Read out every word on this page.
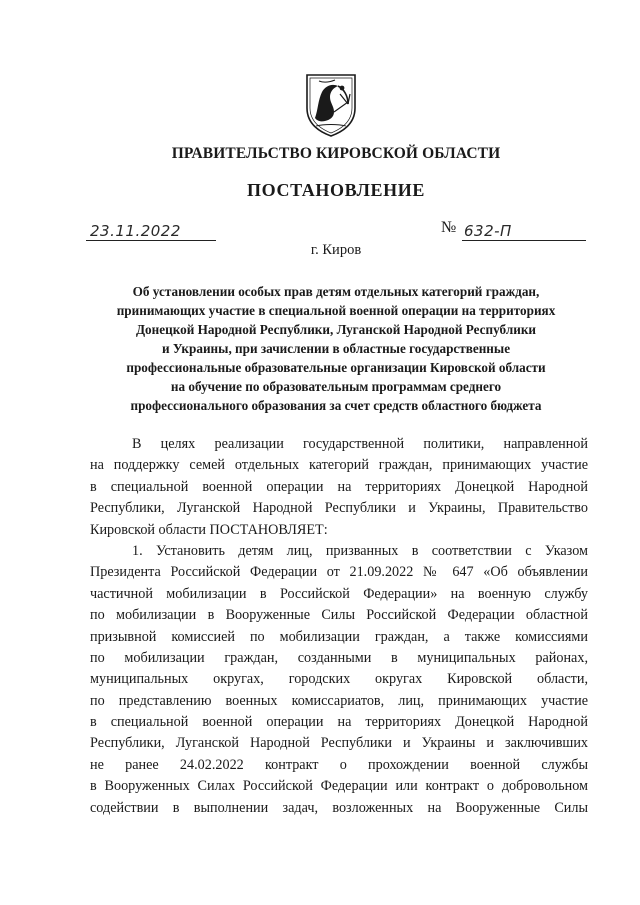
ПРАВИТЕЛЬСТВО КИРОВСКОЙ ОБЛАСТИ
ПОСТАНОВЛЕНИЕ
23.11.2022	№ 632-П
г. Киров
Об установлении особых прав детям отдельных категорий граждан,
принимающих участие в специальной военной операции на территориях
Донецкой Народной Республики, Луганской Народной Республики
и Украины, при зачислении в областные государственные
профессиональные образовательные организации Кировской области
на обучение по образовательным программам среднего
профессионального образования за счет средств областного бюджета
В целях реализации государственной политики, направленной
на поддержку семей отдельных категорий граждан, принимающих участие
в специальной военной операции на территориях Донецкой Народной
Республики, Луганской Народной Республики и Украины, Правительство
Кировской области ПОСТАНОВЛЯЕТ:
1. Установить детям лиц, призванных в соответствии с Указом
Президента Российской Федерации от 21.09.2022 № 647 «Об объявлении
частичной мобилизации в Российской Федерации» на военную службу
по мобилизации в Вооруженные Силы Российской Федерации областной
призывной комиссией по мобилизации граждан, а также комиссиями
по мобилизации граждан, созданными в муниципальных районах,
муниципальных округах, городских округах Кировской области,
по представлению военных комиссариатов, лиц, принимающих участие
в специальной военной операции на территориях Донецкой Народной
Республики, Луганской Народной Республики и Украины и заключивших
не ранее 24.02.2022 контракт о прохождении военной службы
в Вооруженных Силах Российской Федерации или контракт о добровольном
содействии в выполнении задач, возложенных на Вооруженные Силы
